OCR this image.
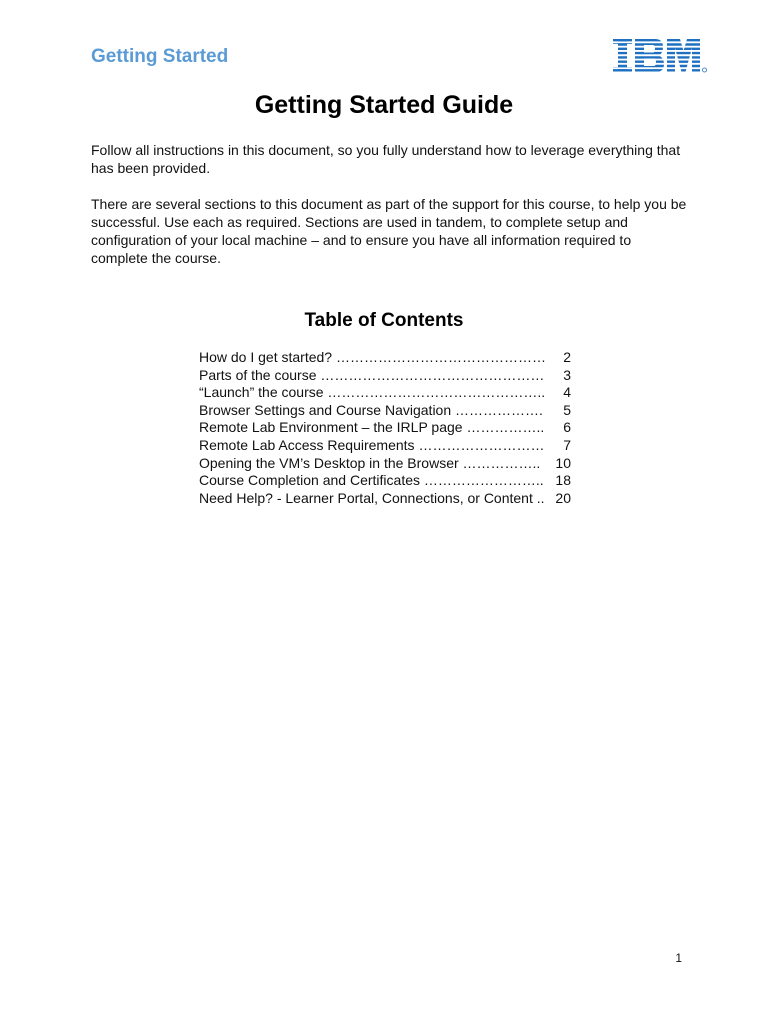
Getting Started
Getting Started Guide

Follow all instructions in this document, so you fully understand how to leverage everything that has been provided.

There are several sections to this document as part of the support for this course, to help you be successful. Use each as required. Sections are used in tandem, to complete setup and configuration of your local machine – and to ensure you have all information required to complete the course.

Table of Contents
How do I get started? ………………………………………	2
Parts of the course …………………………………………	3
“Launch” the course ………………………………………..	4
Browser Settings and Course Navigation ……………….	5
Remote Lab Environment – the IRLP page ……………..	6
Remote Lab Access Requirements ………………………	7
Opening the VM’s Desktop in the Browser ……………..	10
Course Completion and Certificates …………………….. 18
Need Help? - Learner Portal, Connections, or Content .. 20

1
